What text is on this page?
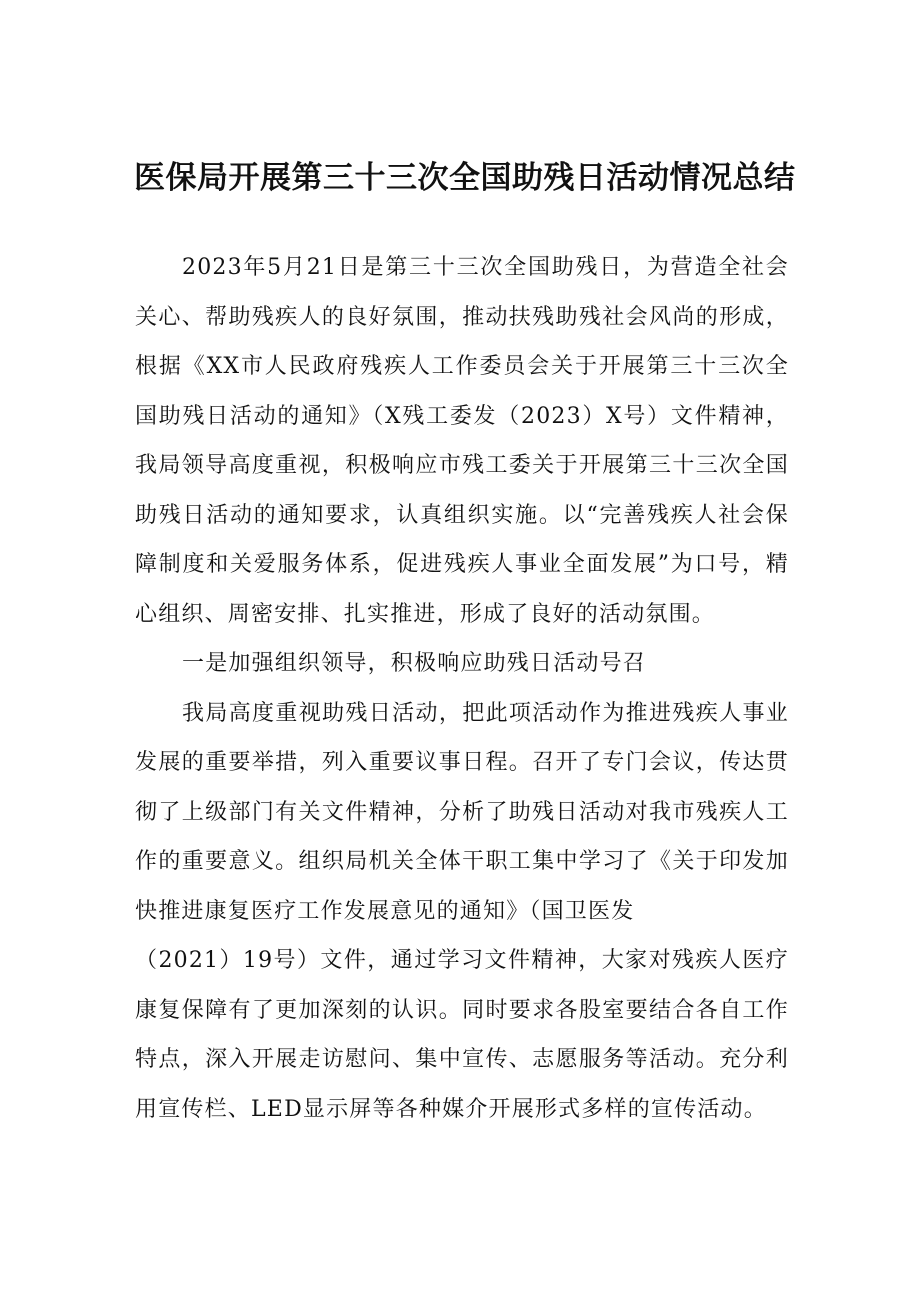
医保局开展第三十三次全国助残日活动情况总结

2023年5月21日是第三十三次全国助残日，为营造全社会关心、帮助残疾人的良好氛围，推动扶残助残社会风尚的形成，根据《XX市人民政府残疾人工作委员会关于开展第三十三次全国助残日活动的通知》（X残工委发（2023）X号）文件精神，我局领导高度重视，积极响应市残工委关于开展第三十三次全国助残日活动的通知要求，认真组织实施。以“完善残疾人社会保障制度和关爱服务体系，促进残疾人事业全面发展”为口号，精心组织、周密安排、扎实推进，形成了良好的活动氛围。

一是加强组织领导，积极响应助残日活动号召

我局高度重视助残日活动，把此项活动作为推进残疾人事业发展的重要举措，列入重要议事日程。召开了专门会议，传达贯彻了上级部门有关文件精神，分析了助残日活动对我市残疾人工作的重要意义。组织局机关全体干职工集中学习了《关于印发加快推进康复医疗工作发展意见的通知》（国卫医发

（2021）19号）文件，通过学习文件精神，大家对残疾人医疗康复保障有了更加深刻的认识。同时要求各股室要结合各自工作特点，深入开展走访慰问、集中宣传、志愿服务等活动。充分利用宣传栏、LED显示屏等各种媒介开展形式多样的宣传活动。
